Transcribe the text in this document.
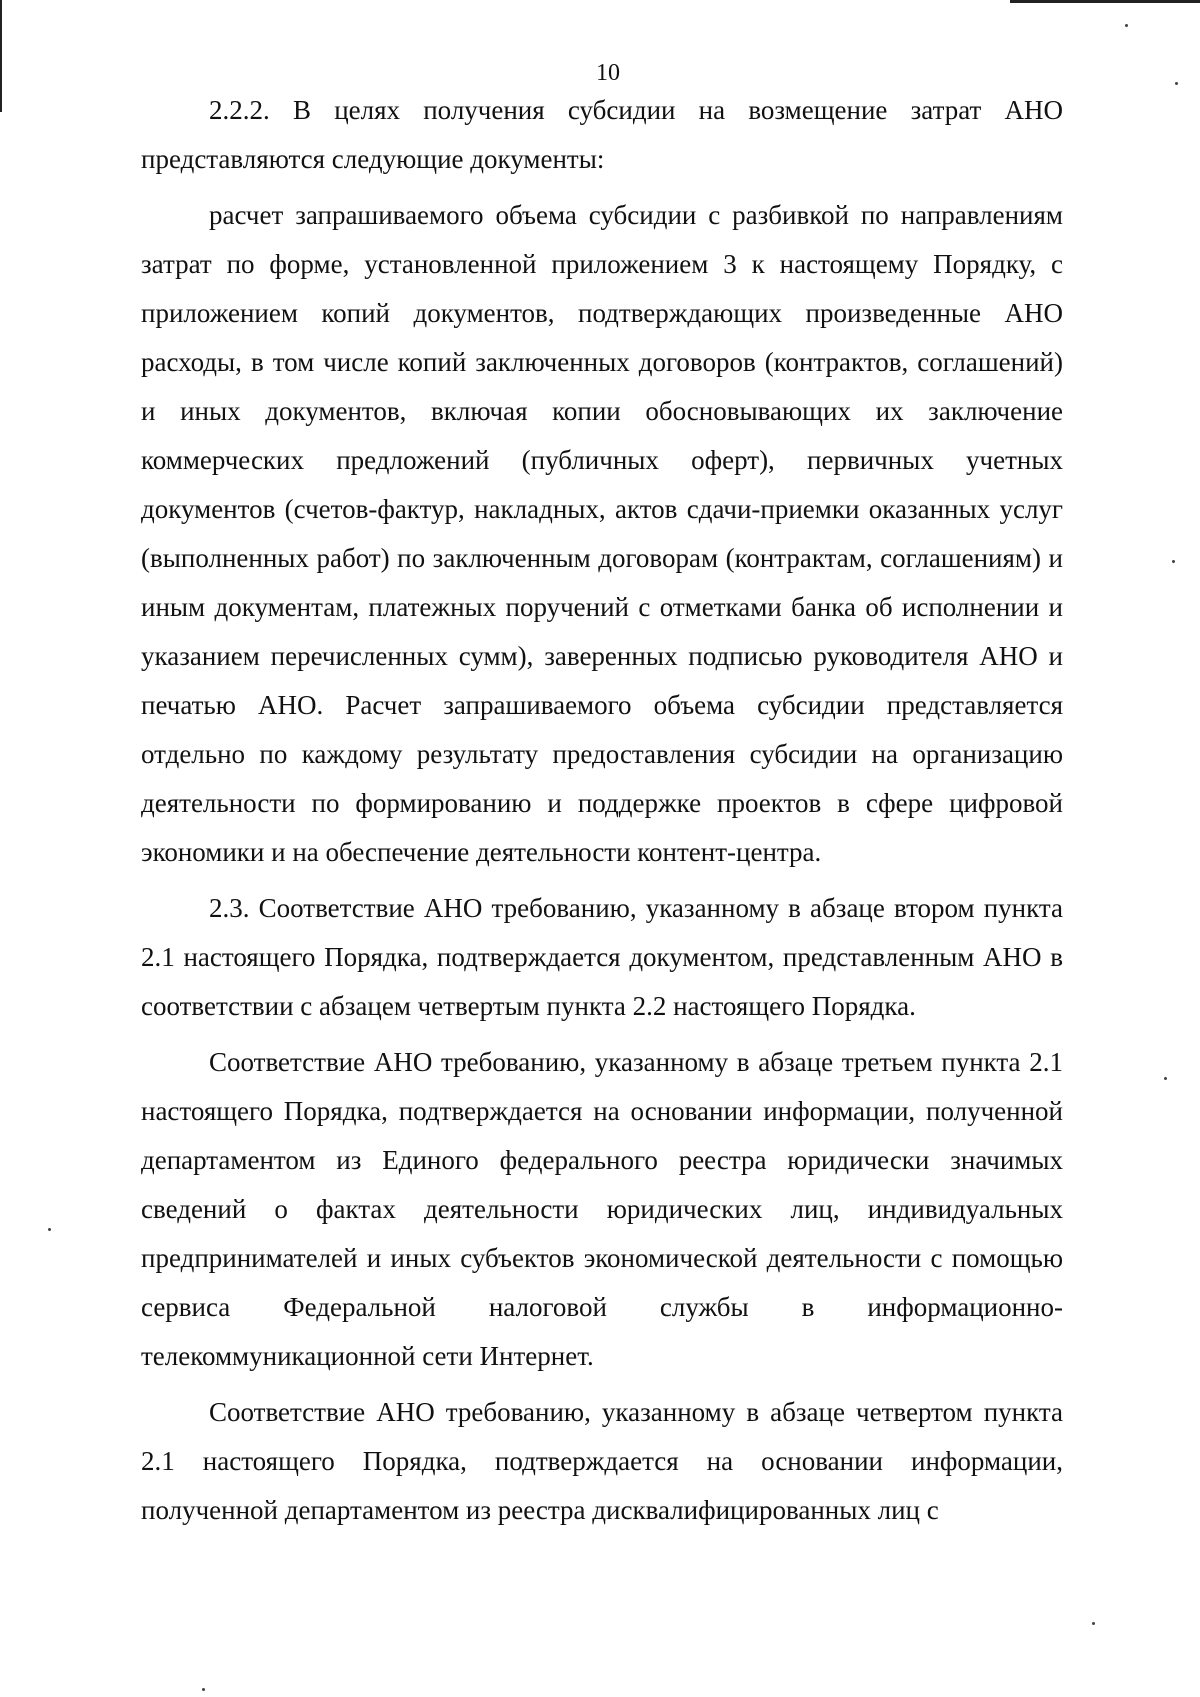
10

2.2.2. В целях получения субсидии на возмещение затрат АНО представляются следующие документы:

расчет запрашиваемого объема субсидии с разбивкой по направлениям затрат по форме, установленной приложением 3 к настоящему Порядку, с приложением копий документов, подтверждающих произведенные АНО расходы, в том числе копий заключенных договоров (контрактов, соглашений) и иных документов, включая копии обосновывающих их заключение коммерческих предложений (публичных оферт), первичных учетных документов (счетов-фактур, накладных, актов сдачи-приемки оказанных услуг (выполненных работ) по заключенным договорам (контрактам, соглашениям) и иным документам, платежных поручений с отметками банка об исполнении и указанием перечисленных сумм), заверенных подписью руководителя АНО и печатью АНО. Расчет запрашиваемого объема субсидии представляется отдельно по каждому результату предоставления субсидии на организацию деятельности по формированию и поддержке проектов в сфере цифровой экономики и на обеспечение деятельности контент-центра.

2.3. Соответствие АНО требованию, указанному в абзаце втором пункта 2.1 настоящего Порядка, подтверждается документом, представленным АНО в соответствии с абзацем четвертым пункта 2.2 настоящего Порядка.

Соответствие АНО требованию, указанному в абзаце третьем пункта 2.1 настоящего Порядка, подтверждается на основании информации, полученной департаментом из Единого федерального реестра юридически значимых сведений о фактах деятельности юридических лиц, индивидуальных предпринимателей и иных субъектов экономической деятельности с помощью сервиса Федеральной налоговой службы в информационно-телекоммуникационной сети Интернет.

Соответствие АНО требованию, указанному в абзаце четвертом пункта 2.1 настоящего Порядка, подтверждается на основании информации, полученной департаментом из реестра дисквалифицированных лиц с
